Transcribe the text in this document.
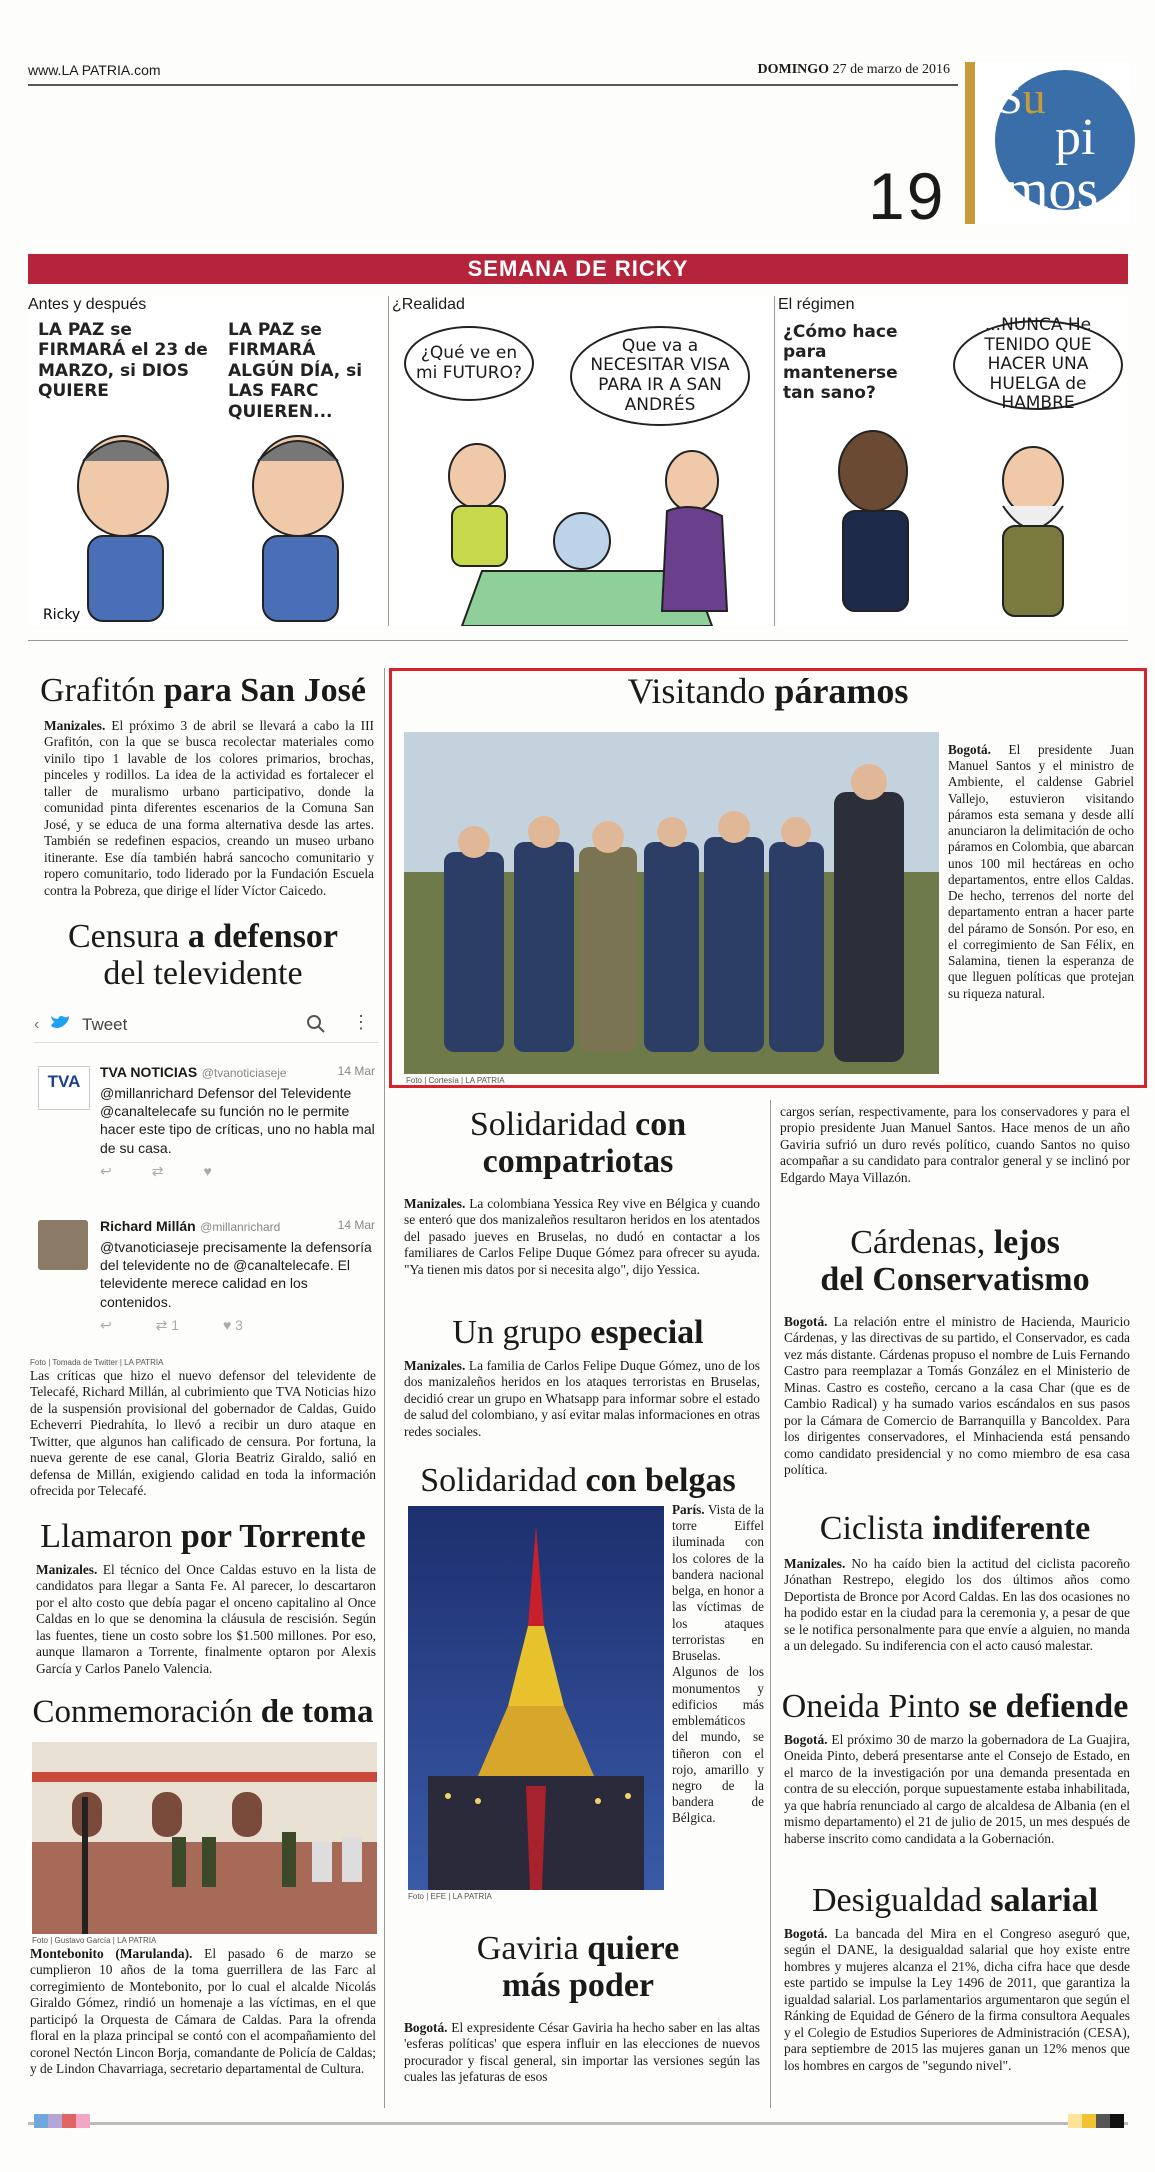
www.LA PATRIA.com	DOMINGO 27 de marzo de 2016
19
Su
pi
mos
SEMANA DE RICKY
Antes y después
LA PAZ se FIRMARÁ el 23 de MARZO, si DIOS QUIERE
LA PAZ se FIRMARÁ ALGÚN DÍA, si LAS FARC QUIEREN...
Ricky
¿Realidad
¿Qué ve en mi FUTURO?
Que va a NECESITAR VISA PARA IR A SAN ANDRÉS
El régimen
¿Cómo hace para mantenerse tan sano?
...NUNCA He TENIDO QUE HACER UNA HUELGA de HAMBRE
Grafitón para San José

Manizales. El próximo 3 de abril se llevará a cabo la III Grafitón, con la que se busca recolectar materiales como vinilo tipo 1 lavable de los colores primarios, brochas, pinceles y rodillos. La idea de la actividad es fortalecer el taller de muralismo urbano participativo, donde la comunidad pinta diferentes escenarios de la Comuna San José, y se educa de una forma alternativa desde las artes. También se redefinen espacios, creando un museo urbano itinerante. Ese día también habrá sancocho comunitario y ropero comunitario, todo liderado por la Fundación Escuela contra la Pobreza, que dirige el líder Víctor Caicedo.

Censura a defensor
del televidente
‹	Tweet	⋮
TVA	TVA NOTICIAS @tvanoticiaseje	14 Mar
@millanrichard Defensor del Televidente @canaltelecafe su función no le permite hacer este tipo de críticas, uno no habla mal de su casa.
↩⇄♥
Richard Millán @millanrichard	14 Mar
@tvanoticiaseje precisamente la defensoría del televidente no de @canaltelecafe. El televidente merece calidad en los contenidos.
↩	⇄ 1	♥ 3
Foto | Tomada de Twitter | LA PATRIA

Las críticas que hizo el nuevo defensor del televidente de Telecafé, Richard Millán, al cubrimiento que TVA Noticias hizo de la suspensión provisional del gobernador de Caldas, Guido Echeverri Piedrahíta, lo llevó a recibir un duro ataque en Twitter, que algunos han calificado de censura. Por fortuna, la nueva gerente de ese canal, Gloria Beatriz Giraldo, salió en defensa de Millán, exigiendo calidad en toda la información ofrecida por Telecafé.

Llamaron por Torrente

Manizales. El técnico del Once Caldas estuvo en la lista de candidatos para llegar a Santa Fe. Al parecer, lo descartaron por el alto costo que debía pagar el onceno capitalino al Once Caldas en lo que se denomina la cláusula de rescisión. Según las fuentes, tiene un costo sobre los $1.500 millones. Por eso, aunque llamaron a Torrente, finalmente optaron por Alexis García y Carlos Panelo Valencia.

Conmemoración de toma
Foto | Gustavo García | LA PATRIA

Montebonito (Marulanda). El pasado 6 de marzo se cumplieron 10 años de la toma guerrillera de las Farc al corregimiento de Montebonito, por lo cual el alcalde Nicolás Giraldo Gómez, rindió un homenaje a las víctimas, en el que participó la Orquesta de Cámara de Caldas. Para la ofrenda floral en la plaza principal se contó con el acompañamiento del coronel Nectón Lincon Borja, comandante de Policía de Caldas; y de Lindon Chavarriaga, secretario departamental de Cultura.

Visitando páramos
Foto | Cortesía | LA PATRIA

Bogotá. El presidente Juan Manuel Santos y el ministro de Ambiente, el caldense Gabriel Vallejo, estuvieron visitando páramos esta semana y desde allí anunciaron la delimitación de ocho páramos en Colombia, que abarcan unos 100 mil hectáreas en ocho departamentos, entre ellos Caldas. De hecho, terrenos del norte del departamento entran a hacer parte del páramo de Sonsón. Por eso, en el corregimiento de San Félix, en Salamina, tienen la esperanza de que lleguen políticas que protejan su riqueza natural.

Solidaridad con
compatriotas

Manizales. La colombiana Yessica Rey vive en Bélgica y cuando se enteró que dos manizaleños resultaron heridos en los atentados del pasado jueves en Bruselas, no dudó en contactar a los familiares de Carlos Felipe Duque Gómez para ofrecer su ayuda. "Ya tienen mis datos por si necesita algo", dijo Yessica.

Un grupo especial

Manizales. La familia de Carlos Felipe Duque Gómez, uno de los dos manizaleños heridos en los ataques terroristas en Bruselas, decidió crear un grupo en Whatsapp para informar sobre el estado de salud del colombiano, y así evitar malas informaciones en otras redes sociales.

Solidaridad con belgas
Foto | EFE | LA PATRIA

París. Vista de la torre Eiffel iluminada con los colores de la bandera nacional belga, en honor a las víctimas de los ataques terroristas en Bruselas. Algunos de los monumentos y edificios más emblemáticos del mundo, se tiñeron con el rojo, amarillo y negro de la bandera de Bélgica.

Gaviria quiere
más poder

Bogotá. El expresidente César Gaviria ha hecho saber en las altas 'esferas políticas' que espera influir en las elecciones de nuevos procurador y fiscal general, sin importar las versiones según las cuales las jefaturas de esos

cargos serían, respectivamente, para los conservadores y para el propio presidente Juan Manuel Santos. Hace menos de un año Gaviria sufrió un duro revés político, cuando Santos no quiso acompañar a su candidato para contralor general y se inclinó por Edgardo Maya Villazón.

Cárdenas, lejos
del Conservatismo

Bogotá. La relación entre el ministro de Hacienda, Mauricio Cárdenas, y las directivas de su partido, el Conservador, es cada vez más distante. Cárdenas propuso el nombre de Luis Fernando Castro para reemplazar a Tomás González en el Ministerio de Minas. Castro es costeño, cercano a la casa Char (que es de Cambio Radical) y ha sumado varios escándalos en sus pasos por la Cámara de Comercio de Barranquilla y Bancoldex. Para los dirigentes conservadores, el Minhacienda está pensando como candidato presidencial y no como miembro de esa casa política.

Ciclista indiferente

Manizales. No ha caído bien la actitud del ciclista pacoreño Jónathan Restrepo, elegido los dos últimos años como Deportista de Bronce por Acord Caldas. En las dos ocasiones no ha podido estar en la ciudad para la ceremonia y, a pesar de que se le notifica personalmente para que envíe a alguien, no manda a un delegado. Su indiferencia con el acto causó malestar.

Oneida Pinto se defiende

Bogotá. El próximo 30 de marzo la gobernadora de La Guajira, Oneida Pinto, deberá presentarse ante el Consejo de Estado, en el marco de la investigación por una demanda presentada en contra de su elección, porque supuestamente estaba inhabilitada, ya que habría renunciado al cargo de alcaldesa de Albania (en el mismo departamento) el 21 de julio de 2015, un mes después de haberse inscrito como candidata a la Gobernación.

Desigualdad salarial

Bogotá. La bancada del Mira en el Congreso aseguró que, según el DANE, la desigualdad salarial que hoy existe entre hombres y mujeres alcanza el 21%, dicha cifra hace que desde este partido se impulse la Ley 1496 de 2011, que garantiza la igualdad salarial. Los parlamentarios argumentaron que según el Ránking de Equidad de Género de la firma consultora Aequales y el Colegio de Estudios Superiores de Administración (CESA), para septiembre de 2015 las mujeres ganan un 12% menos que los hombres en cargos de "segundo nivel".
